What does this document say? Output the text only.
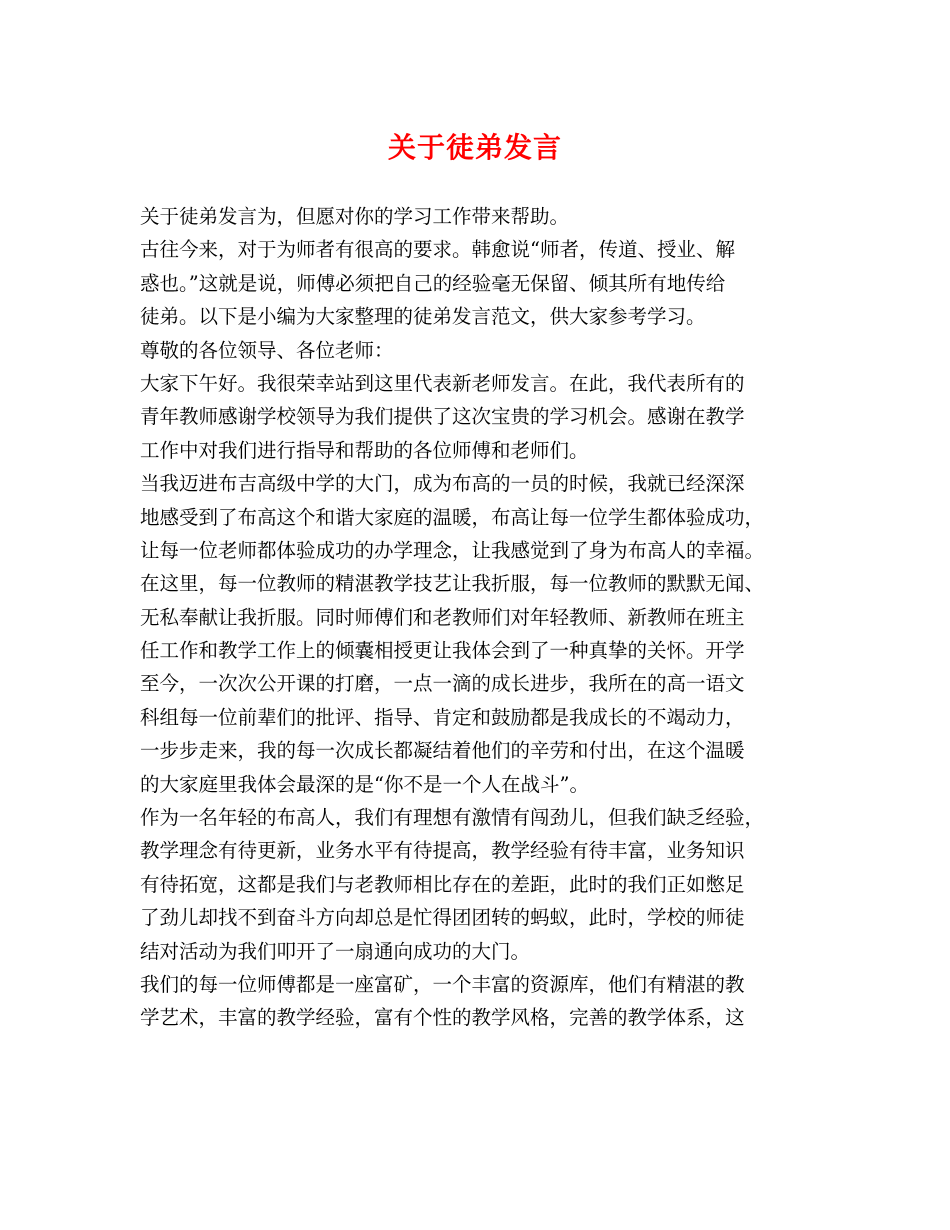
关于徒弟发言
关于徒弟发言为，但愿对你的学习工作带来帮助。
古往今来，对于为师者有很高的要求。韩愈说“师者，传道、授业、解
惑也。”这就是说，师傅必须把自己的经验毫无保留、倾其所有地传给
徒弟。以下是小编为大家整理的徒弟发言范文，供大家参考学习。
尊敬的各位领导、各位老师：
大家下午好。我很荣幸站到这里代表新老师发言。在此，我代表所有的
青年教师感谢学校领导为我们提供了这次宝贵的学习机会。感谢在教学
工作中对我们进行指导和帮助的各位师傅和老师们。
当我迈进布吉高级中学的大门，成为布高的一员的时候，我就已经深深
地感受到了布高这个和谐大家庭的温暖，布高让每一位学生都体验成功，
让每一位老师都体验成功的办学理念，让我感觉到了身为布高人的幸福。
在这里，每一位教师的精湛教学技艺让我折服，每一位教师的默默无闻、
无私奉献让我折服。同时师傅们和老教师们对年轻教师、新教师在班主
任工作和教学工作上的倾囊相授更让我体会到了一种真挚的关怀。开学
至今，一次次公开课的打磨，一点一滴的成长进步，我所在的高一语文
科组每一位前辈们的批评、指导、肯定和鼓励都是我成长的不竭动力，
一步步走来，我的每一次成长都凝结着他们的辛劳和付出，在这个温暖
的大家庭里我体会最深的是“你不是一个人在战斗”。
作为一名年轻的布高人，我们有理想有激情有闯劲儿，但我们缺乏经验，
教学理念有待更新，业务水平有待提高，教学经验有待丰富，业务知识
有待拓宽，这都是我们与老教师相比存在的差距，此时的我们正如憋足
了劲儿却找不到奋斗方向却总是忙得团团转的蚂蚁，此时，学校的师徒
结对活动为我们叩开了一扇通向成功的大门。
我们的每一位师傅都是一座富矿，一个丰富的资源库，他们有精湛的教
学艺术，丰富的教学经验，富有个性的教学风格，完善的教学体系，这
